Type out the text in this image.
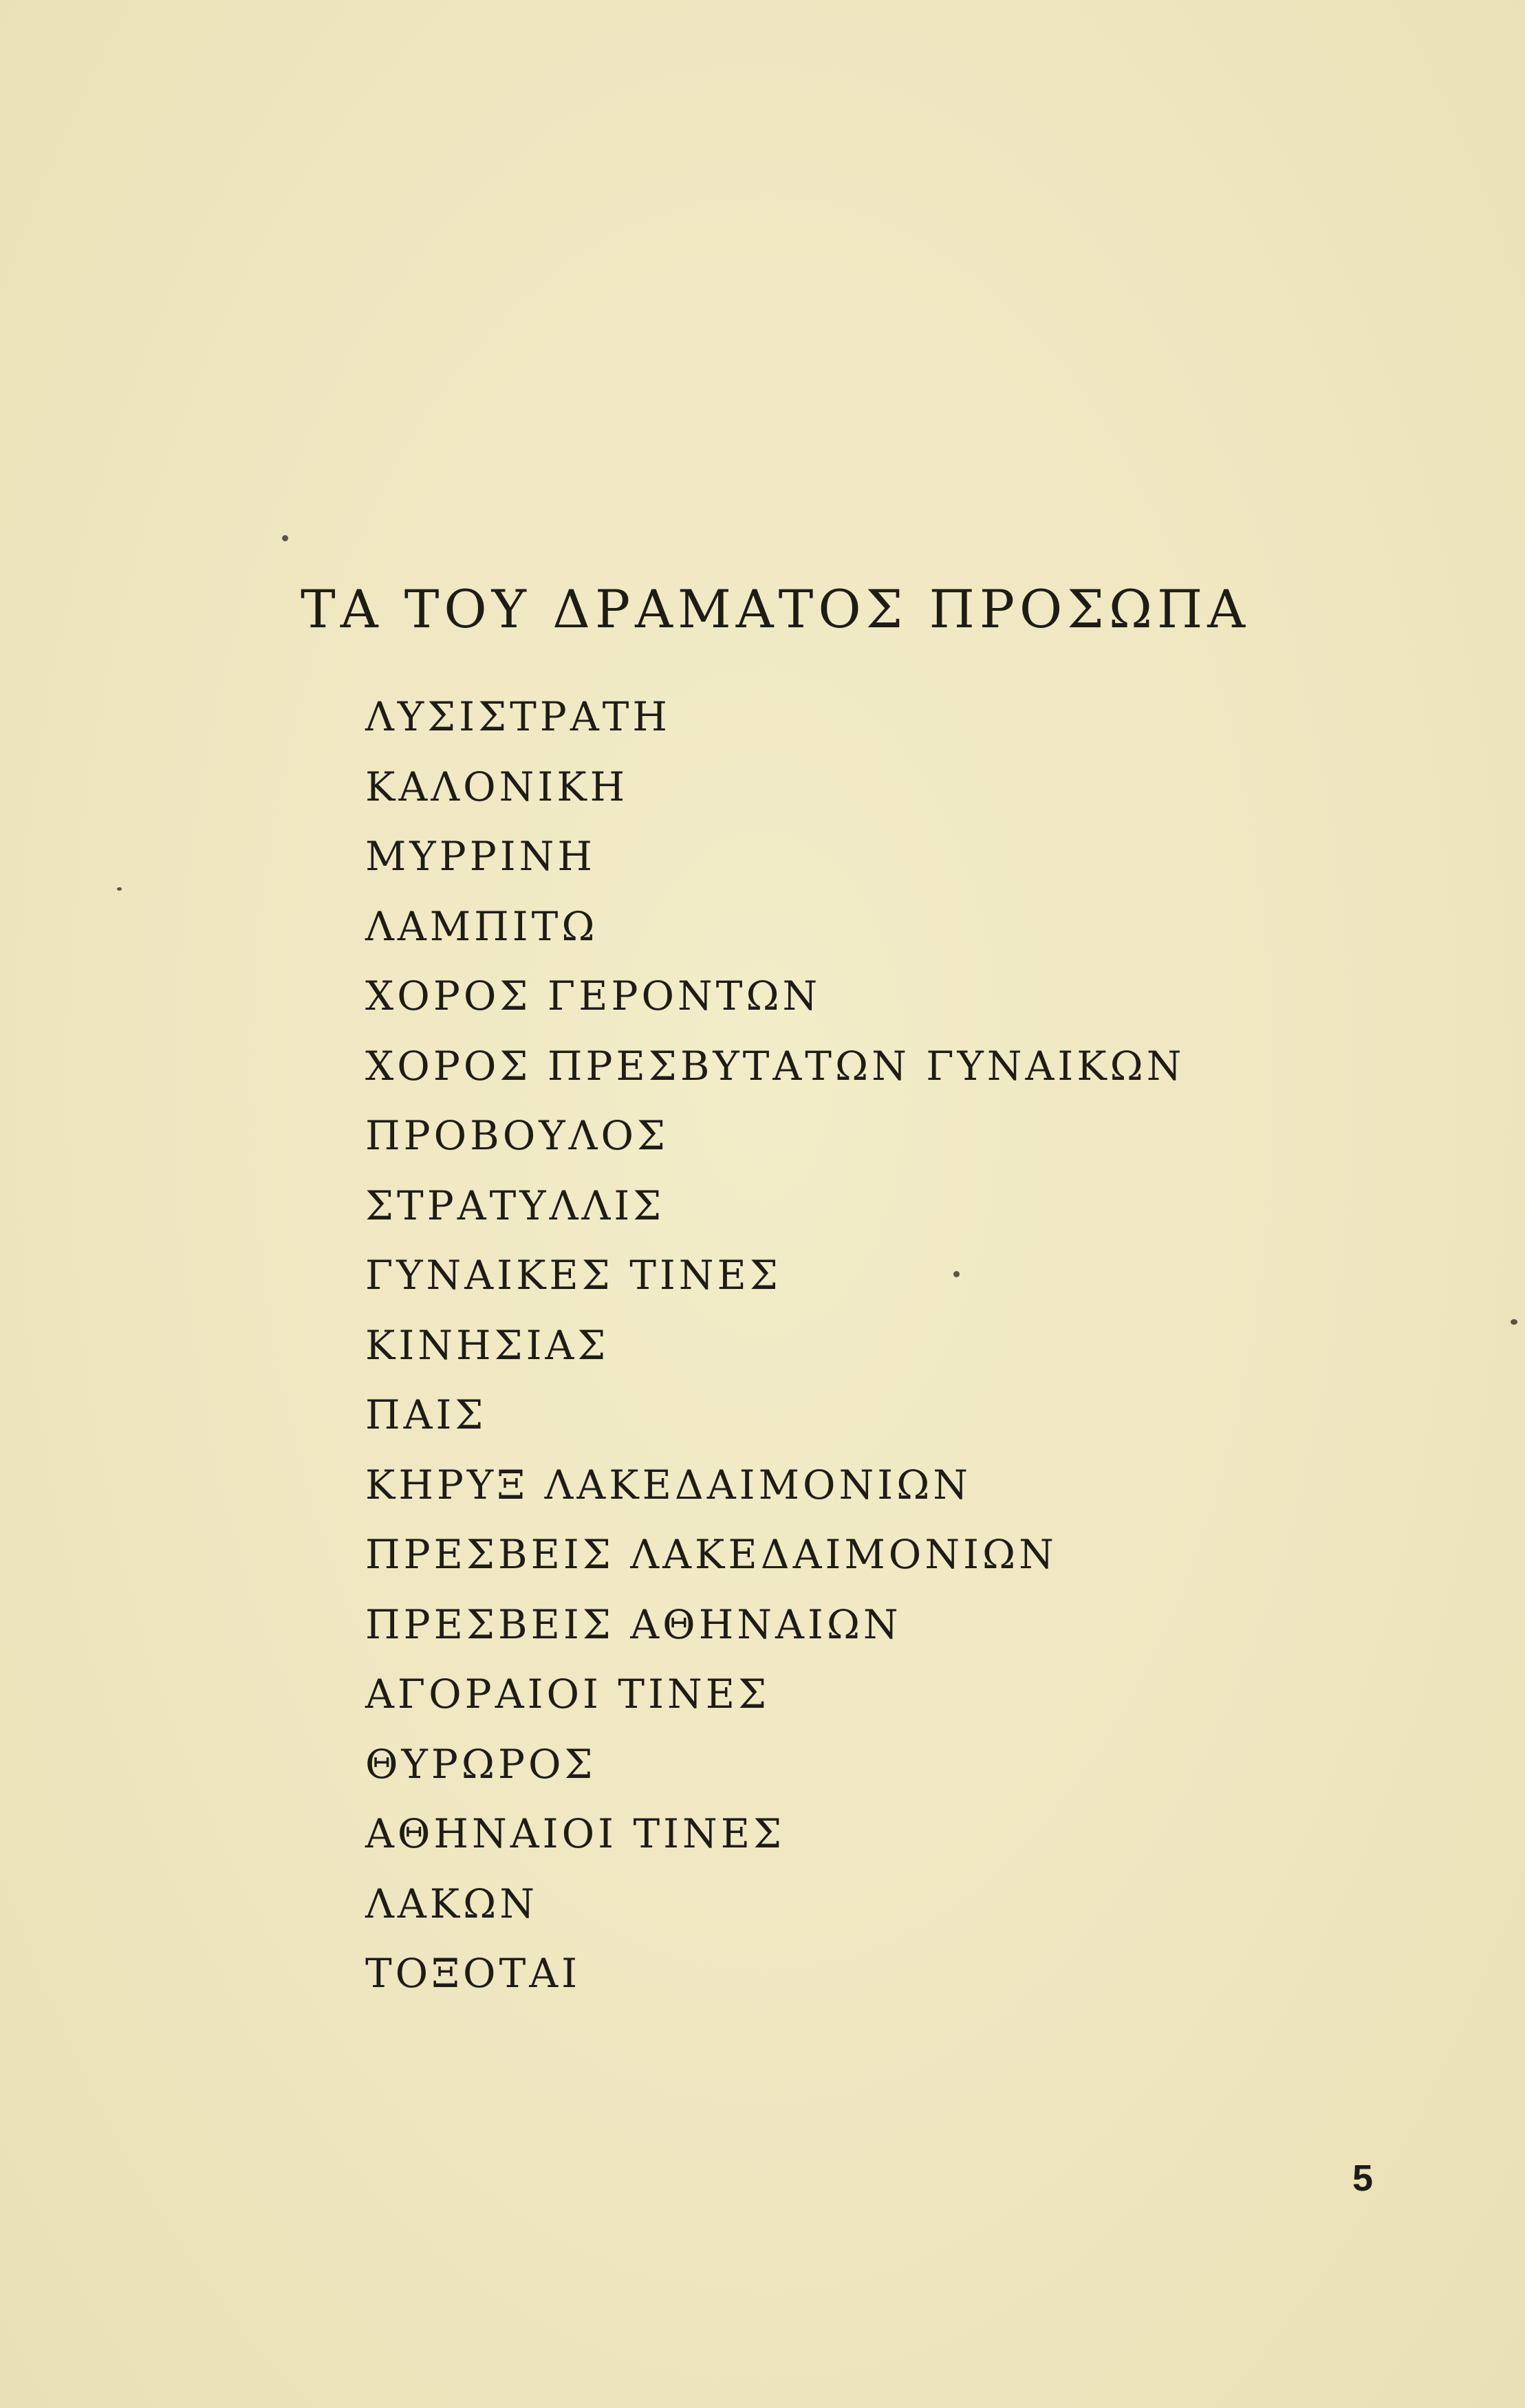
ΤΑ ΤΟΥ ΔΡΑΜΑΤΟΣ ΠΡΟΣΩΠΑ
ΛΥΣΙΣΤΡΑΤΗ
ΚΑΛΟΝΙΚΗ
ΜΥΡΡΙΝΗ
ΛΑΜΠΙΤΩ
ΧΟΡΟΣ ΓΕΡΟΝΤΩΝ
ΧΟΡΟΣ ΠΡΕΣΒΥΤΑΤΩΝ ΓΥΝΑΙΚΩΝ
ΠΡΟΒΟΥΛΟΣ
ΣΤΡΑΤΥΛΛΙΣ
ΓΥΝΑΙΚΕΣ ΤΙΝΕΣ
ΚΙΝΗΣΙΑΣ
ΠΑΙΣ
ΚΗΡΥΞ ΛΑΚΕΔΑΙΜΟΝΙΩΝ
ΠΡΕΣΒΕΙΣ ΛΑΚΕΔΑΙΜΟΝΙΩΝ
ΠΡΕΣΒΕΙΣ ΑΘΗΝΑΙΩΝ
ΑΓΟΡΑΙΟΙ ΤΙΝΕΣ
ΘΥΡΩΡΟΣ
ΑΘΗΝΑΙΟΙ ΤΙΝΕΣ
ΛΑΚΩΝ
ΤΟΞΟΤΑΙ
5
